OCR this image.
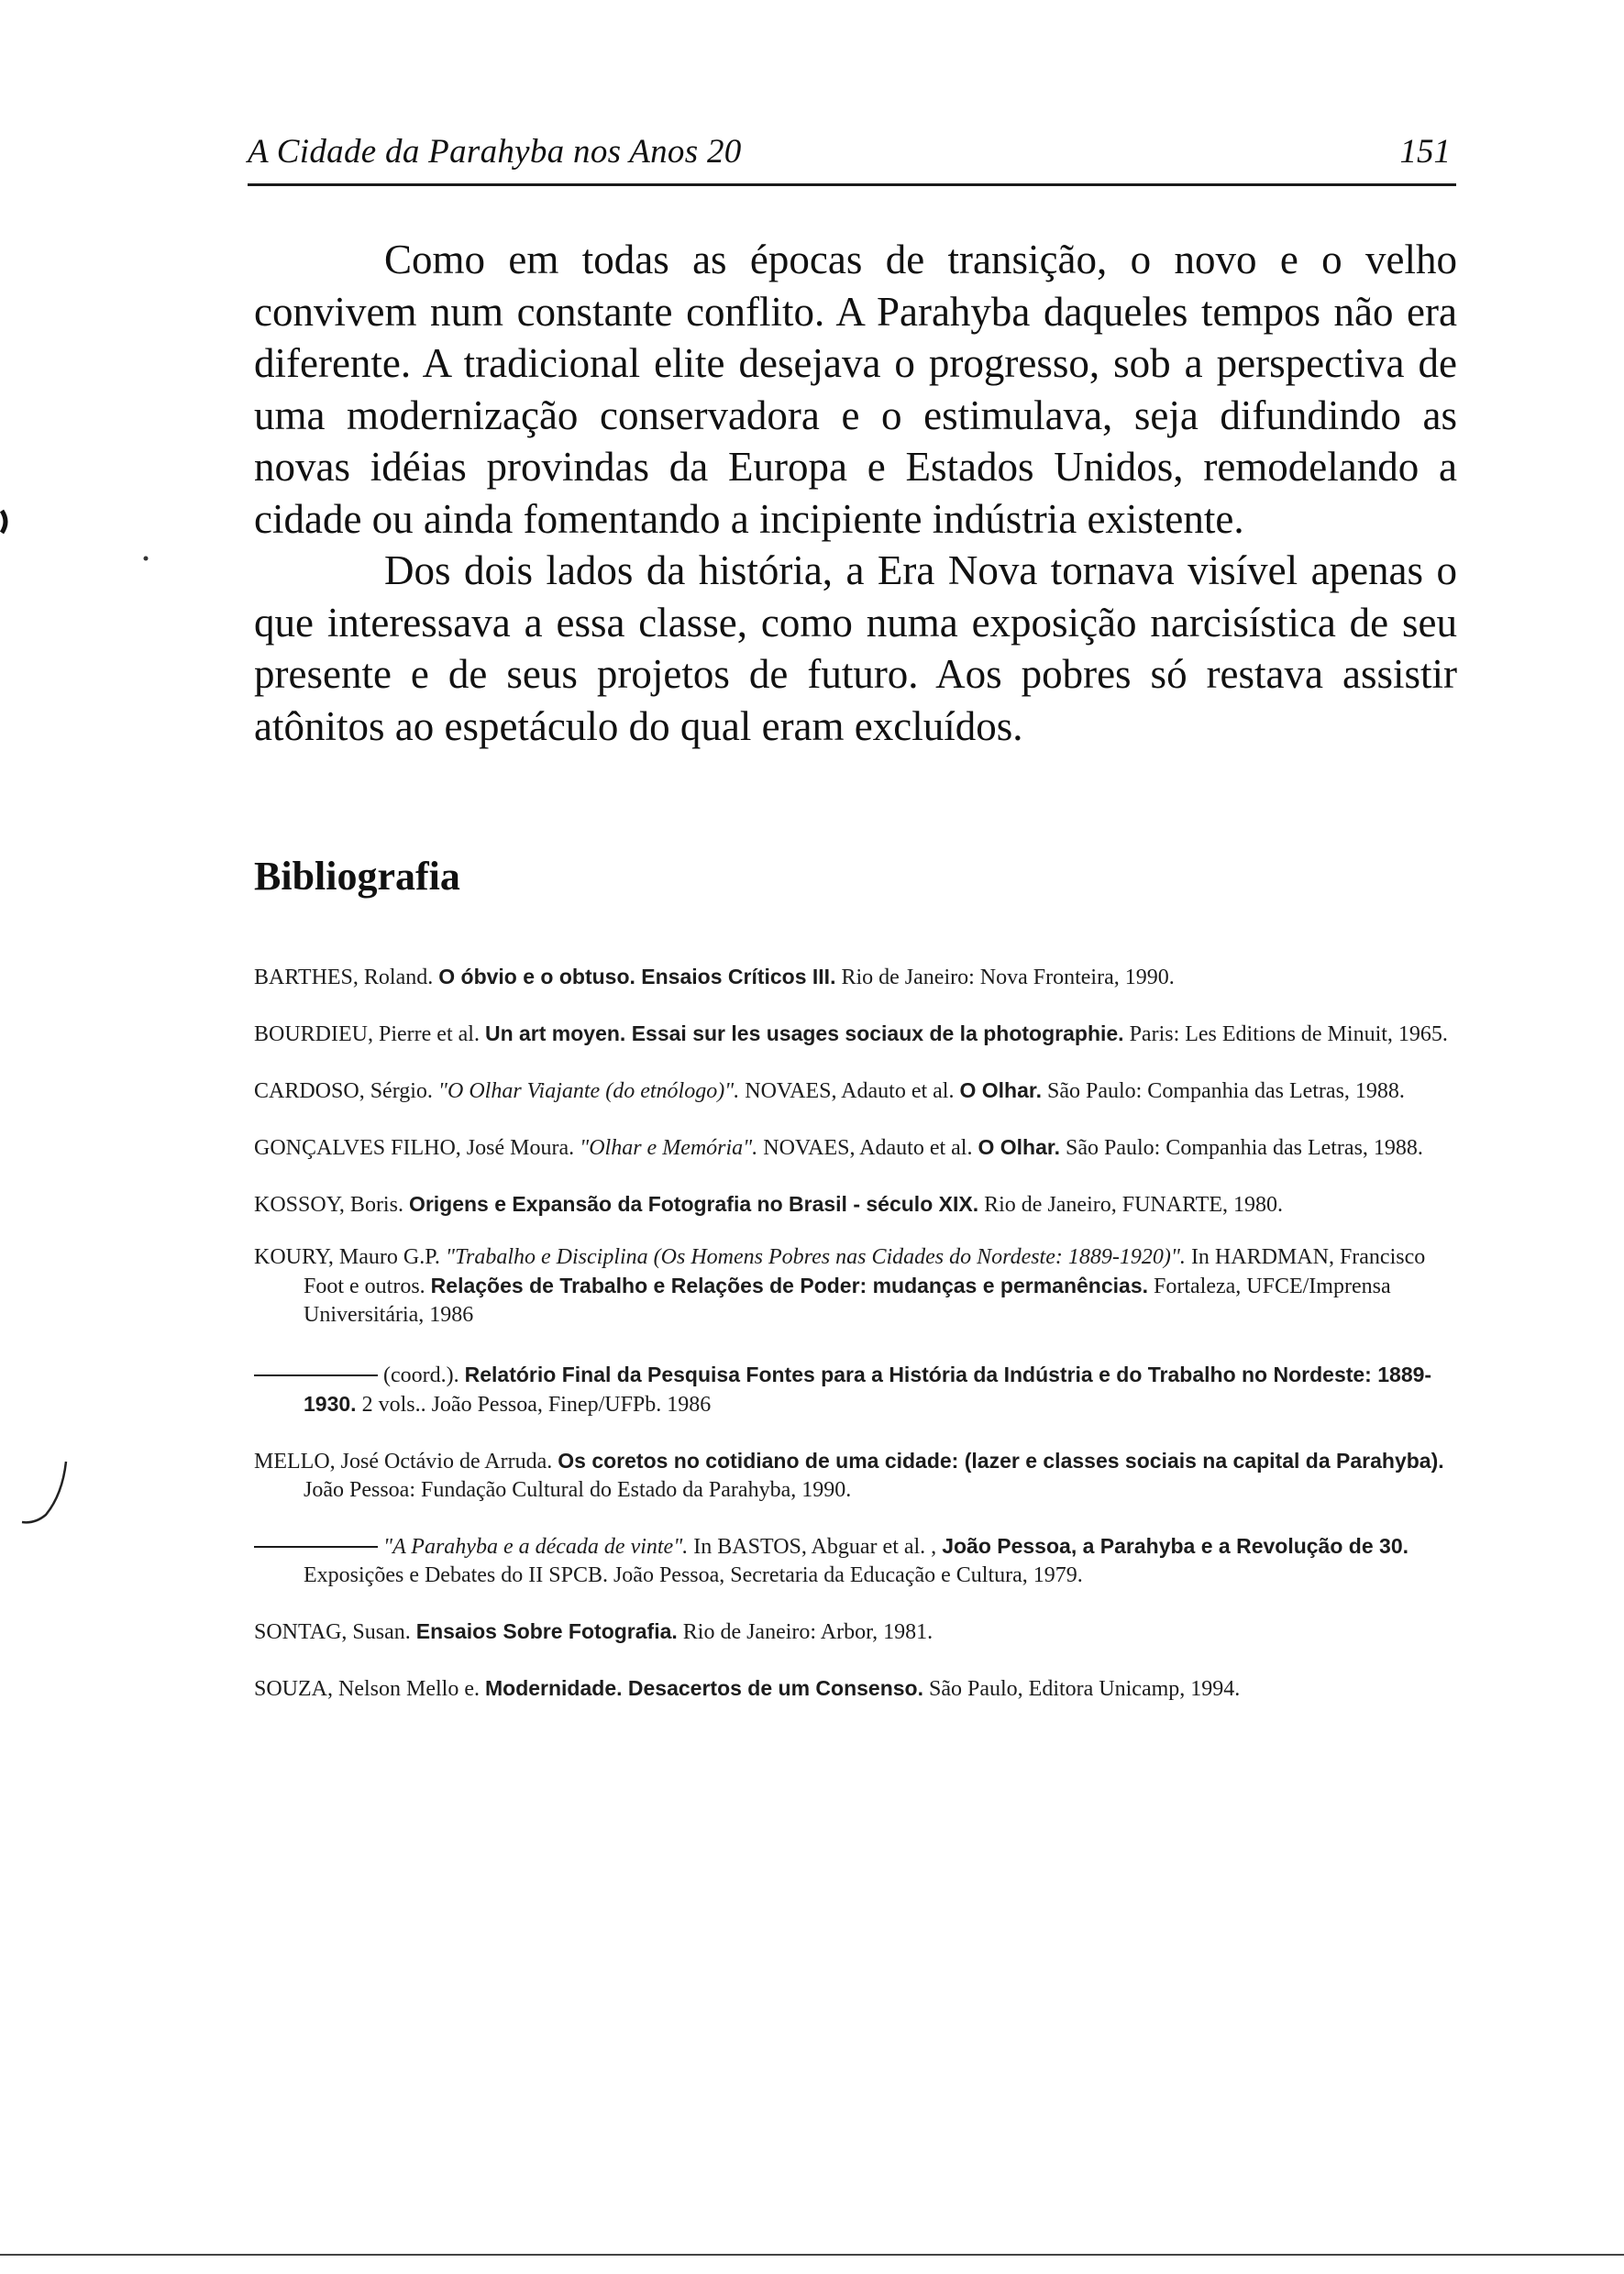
A Cidade da Parahyba nos Anos 20	151

Como em todas as épocas de transição, o novo e o velho convivem num constante conflito. A Parahyba daqueles tempos não era diferente. A tradicional elite desejava o progresso, sob a perspectiva de uma modernização conservadora e o estimulava, seja difundindo as novas idéias provindas da Europa e Estados Unidos, remodelando a cidade ou ainda fomentando a incipiente indústria existente.

Dos dois lados da história, a Era Nova tornava visível apenas o que interessava a essa classe, como numa exposição narcisística de seu presente e de seus projetos de futuro. Aos pobres só restava assistir atônitos ao espetáculo do qual eram excluídos.

Bibliografia

BARTHES, Roland. O óbvio e o obtuso. Ensaios Críticos III. Rio de Janeiro: Nova Fronteira, 1990.

BOURDIEU, Pierre et al. Un art moyen. Essai sur les usages sociaux de la photographie. Paris: Les Editions de Minuit, 1965.

CARDOSO, Sérgio. "O Olhar Viajante (do etnólogo)". NOVAES, Adauto et al. O Olhar. São Paulo: Companhia das Letras, 1988.

GONÇALVES FILHO, José Moura. "Olhar e Memória". NOVAES, Adauto et al. O Olhar. São Paulo: Companhia das Letras, 1988.

KOSSOY, Boris. Origens e Expansão da Fotografia no Brasil - século XIX. Rio de Janeiro, FUNARTE, 1980.

KOURY, Mauro G.P. "Trabalho e Disciplina (Os Homens Pobres nas Cidades do Nordeste: 1889-1920)". In HARDMAN, Francisco Foot e outros. Relações de Trabalho e Relações de Poder: mudanças e permanências. Fortaleza, UFCE/Imprensa Universitária, 1986

(coord.). Relatório Final da Pesquisa Fontes para a História da Indústria e do Trabalho no Nordeste: 1889-1930. 2 vols.. João Pessoa, Finep/UFPb. 1986

MELLO, José Octávio de Arruda. Os coretos no cotidiano de uma cidade: (lazer e classes sociais na capital da Parahyba). João Pessoa: Fundação Cultural do Estado da Parahyba, 1990.

"A Parahyba e a década de vinte". In BASTOS, Abguar et al. , João Pessoa, a Parahyba e a Revolução de 30. Exposições e Debates do II SPCB. João Pessoa, Secretaria da Educação e Cultura, 1979.

SONTAG, Susan. Ensaios Sobre Fotografia. Rio de Janeiro: Arbor, 1981.

SOUZA, Nelson Mello e. Modernidade. Desacertos de um Consenso. São Paulo, Editora Unicamp, 1994.
